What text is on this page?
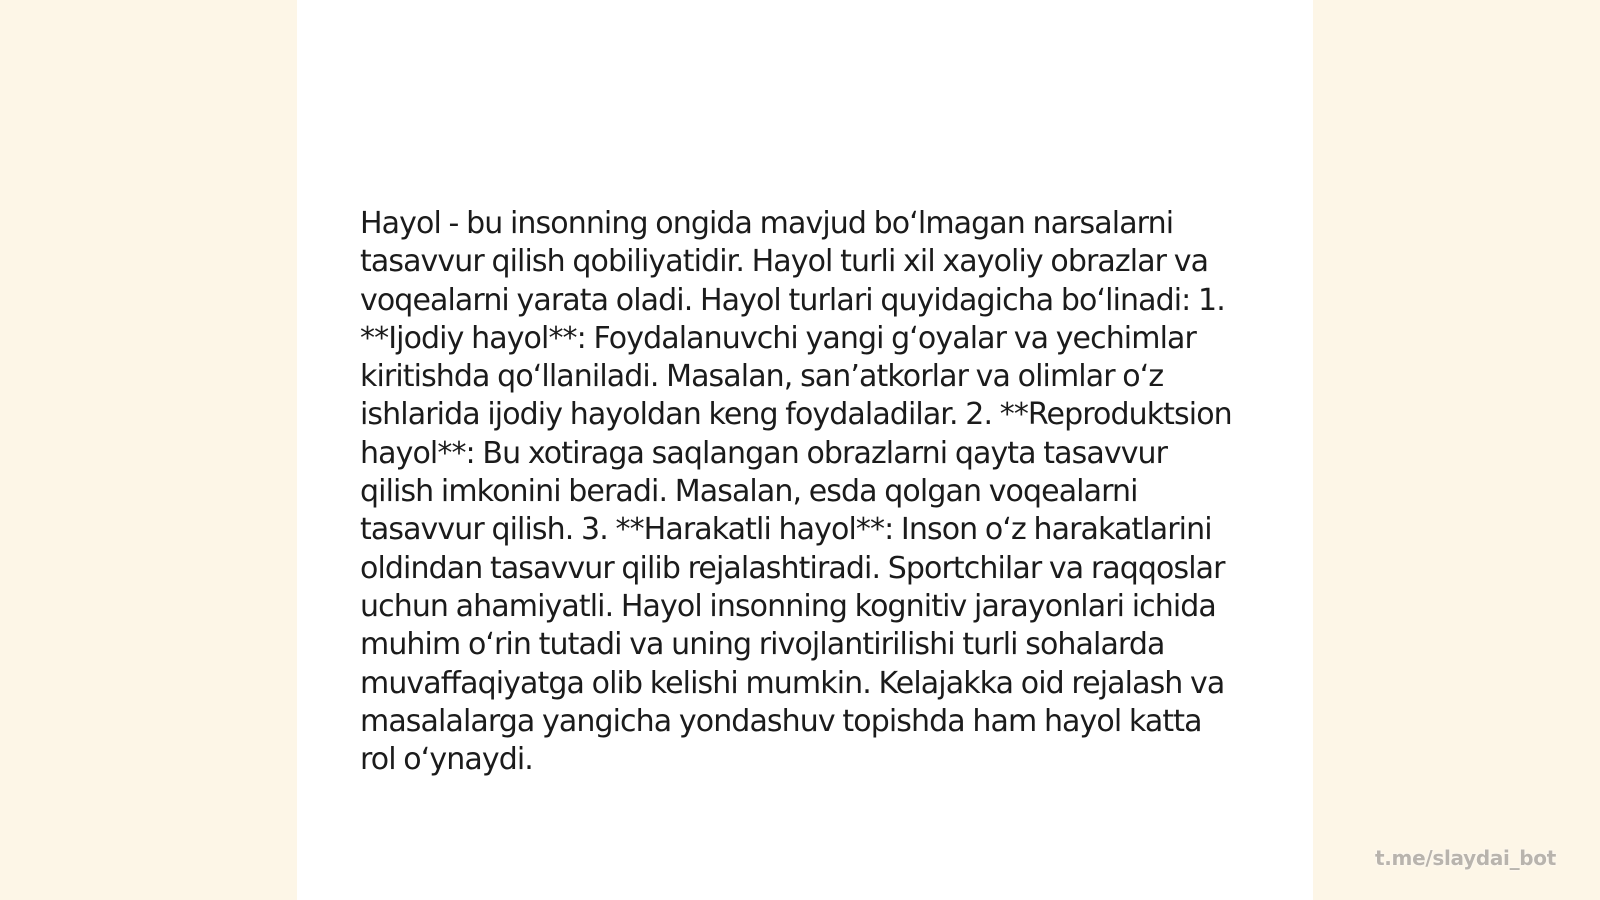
Hayol - bu insonning ongida mavjud bo‘lmagan narsalarni tasavvur qilish qobiliyatidir. Hayol turli xil xayoliy obrazlar va voqealarni yarata oladi. Hayol turlari quyidagicha bo‘linadi: 1. **Ijodiy hayol**: Foydalanuvchi yangi g‘oyalar va yechimlar kiritishda qo‘llaniladi. Masalan, san’atkorlar va olimlar o‘z ishlarida ijodiy hayoldan keng foydaladilar. 2. **Reproduktsion hayol**: Bu xotiraga saqlangan obrazlarni qayta tasavvur qilish imkonini beradi. Masalan, esda qolgan voqealarni tasavvur qilish. 3. **Harakatli hayol**: Inson o‘z harakatlarini oldindan tasavvur qilib rejalashtiradi. Sportchilar va raqqoslar uchun ahamiyatli. Hayol insonning kognitiv jarayonlari ichida muhim o‘rin tutadi va uning rivojlantirilishi turli sohalarda muvaffaqiyatga olib kelishi mumkin. Kelajakka oid rejalash va masalalarga yangicha yondashuv topishda ham hayol katta rol o‘ynaydi.

t.me/slaydai_bot
